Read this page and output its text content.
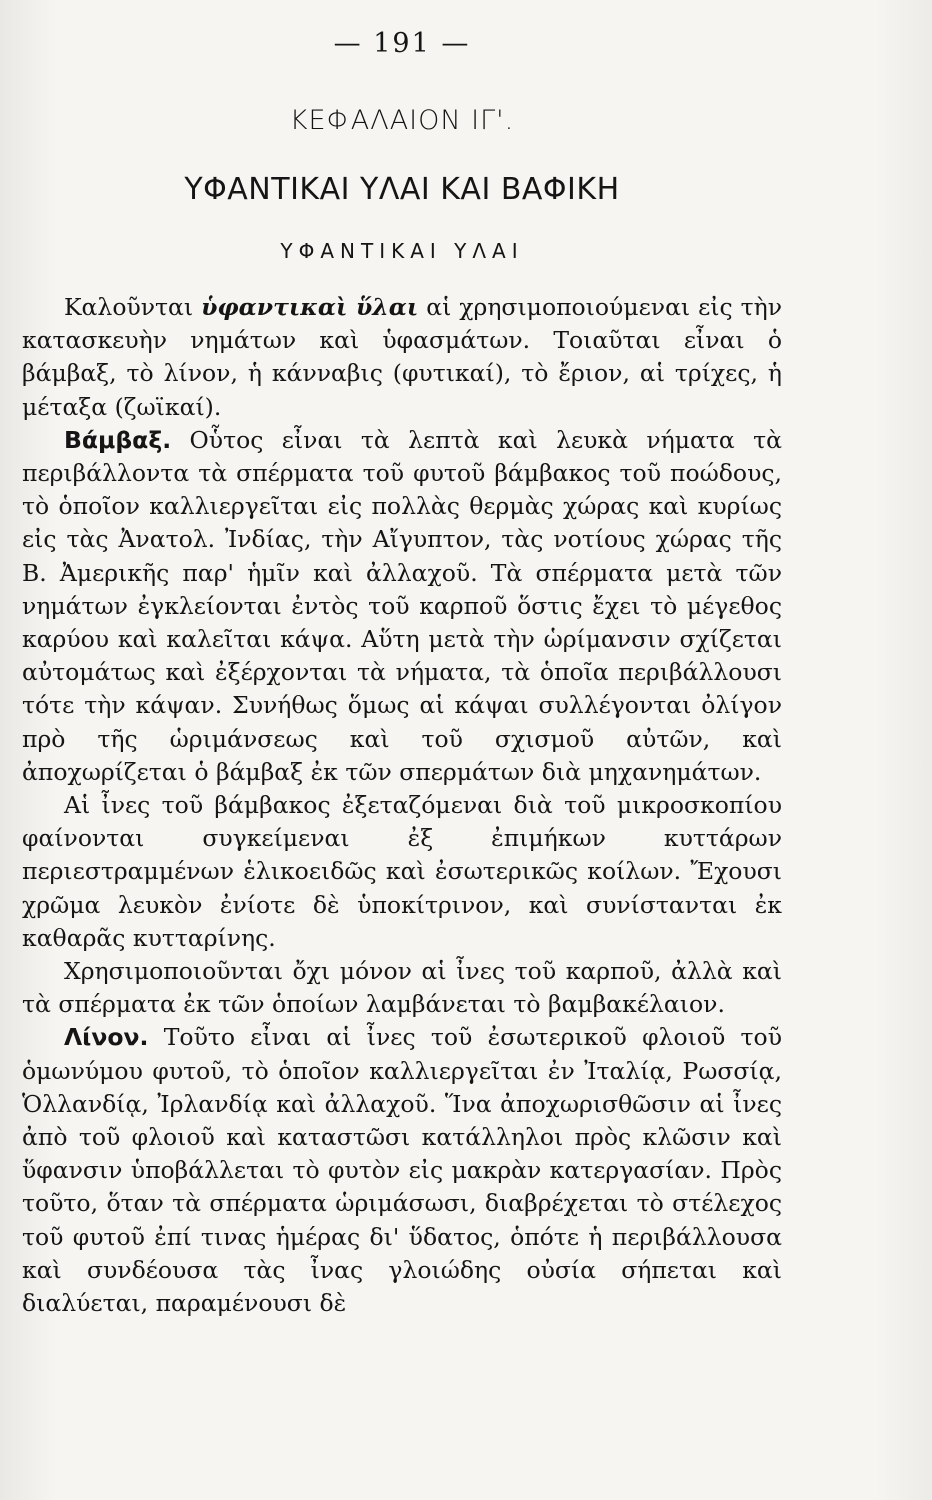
— 191 —
ΚΕΦΑΛΑΙΟΝ ΙΓ'.
ΥΦΑΝΤΙΚΑΙ ΥΛΑΙ ΚΑΙ ΒΑΦΙΚΗ
ΥΦΑΝΤΙΚΑΙ ΥΛΑΙ

Καλοῦνται ὑφαντικαὶ ὕλαι αἱ χρησιμοποιούμεναι εἰς τὴν κατασκευὴν νημάτων καὶ ὑφασμάτων. Τοιαῦται εἶναι ὁ βάμβαξ, τὸ λίνον, ἡ κάνναβις (φυτικαί), τὸ ἔριον, αἱ τρίχες, ἡ μέταξα (ζωϊκαί).

Βάμβαξ. Οὗτος εἶναι τὰ λεπτὰ καὶ λευκὰ νήματα τὰ περιβάλλοντα τὰ σπέρματα τοῦ φυτοῦ βάμβακος τοῦ ποώδους, τὸ ὁποῖον καλλιεργεῖται εἰς πολλὰς θερμὰς χώρας καὶ κυρίως εἰς τὰς Ἀνατολ. Ἰνδίας, τὴν Αἴγυπτον, τὰς νοτίους χώρας τῆς Β. Ἀμερικῆς παρ' ἡμῖν καὶ ἀλλαχοῦ. Τὰ σπέρματα μετὰ τῶν νημάτων ἐγκλείονται ἐντὸς τοῦ καρποῦ ὅστις ἔχει τὸ μέγεθος καρύου καὶ καλεῖται κάψα. Αὕτη μετὰ τὴν ὡρίμανσιν σχίζεται αὐτομάτως καὶ ἐξέρχονται τὰ νήματα, τὰ ὁποῖα περιβάλλουσι τότε τὴν κάψαν. Συνήθως ὅμως αἱ κάψαι συλλέγονται ὀλίγον πρὸ τῆς ὡριμάνσεως καὶ τοῦ σχισμοῦ αὐτῶν, καὶ ἀποχωρίζεται ὁ βάμβαξ ἐκ τῶν σπερμάτων διὰ μηχανημάτων.

Αἱ ἶνες τοῦ βάμβακος ἐξεταζόμεναι διὰ τοῦ μικροσκοπίου φαίνονται συγκείμεναι ἐξ ἐπιμήκων κυττάρων περιεστραμμένων ἑλικοειδῶς καὶ ἐσωτερικῶς κοίλων. Ἔχουσι χρῶμα λευκὸν ἐνίοτε δὲ ὑποκίτρινον, καὶ συνίστανται ἐκ καθαρᾶς κυτταρίνης.

Χρησιμοποιοῦνται ὄχι μόνον αἱ ἶνες τοῦ καρποῦ, ἀλλὰ καὶ τὰ σπέρματα ἐκ τῶν ὁποίων λαμβάνεται τὸ βαμβακέλαιον.

Λίνον. Τοῦτο εἶναι αἱ ἶνες τοῦ ἐσωτερικοῦ φλοιοῦ τοῦ ὁμωνύμου φυτοῦ, τὸ ὁποῖον καλλιεργεῖται ἐν Ἰταλίᾳ, Ρωσσίᾳ, Ὁλλανδίᾳ, Ἰρλανδίᾳ καὶ ἀλλαχοῦ. Ἵνα ἀποχωρισθῶσιν αἱ ἶνες ἀπὸ τοῦ φλοιοῦ καὶ καταστῶσι κατάλληλοι πρὸς κλῶσιν καὶ ὕφανσιν ὑποβάλλεται τὸ φυτὸν εἰς μακρὰν κατεργασίαν. Πρὸς τοῦτο, ὅταν τὰ σπέρματα ὡριμάσωσι, διαβρέχεται τὸ στέλεχος τοῦ φυτοῦ ἐπί τινας ἡμέρας δι' ὕδατος, ὁπότε ἡ περιβάλλουσα καὶ συνδέουσα τὰς ἶνας γλοιώδης οὐσία σήπεται καὶ διαλύεται, παραμένουσι δὲ
